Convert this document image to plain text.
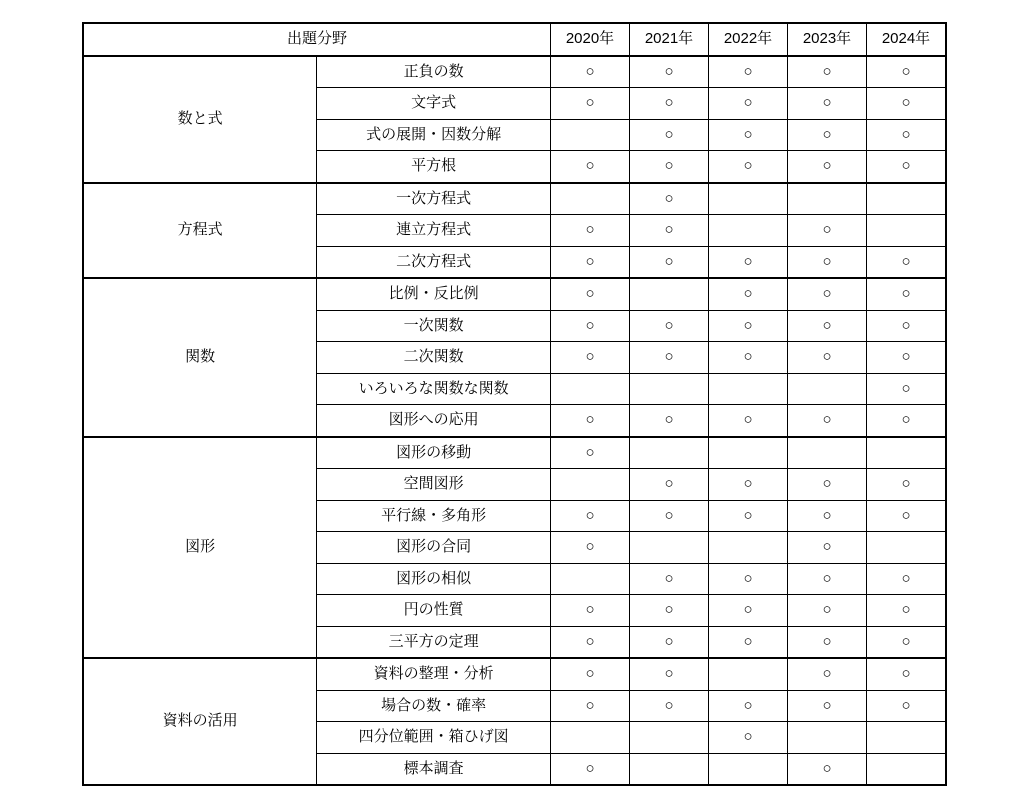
出題分野		2020年	2021年	2022年	2023年	2024年
数と式	正負の数	○	○	○	○	○
	文字式	○	○	○	○	○
	式の展開・因数分解		○	○	○	○
	平方根	○	○	○	○	○
方程式	一次方程式		○			
	連立方程式	○	○		○	
	二次方程式	○	○	○	○	○
関数	比例・反比例	○		○	○	○
	一次関数	○	○	○	○	○
	二次関数	○	○	○	○	○
	いろいろな関数な関数					○
	図形への応用	○	○	○	○	○
図形	図形の移動	○				
	空間図形		○	○	○	○
	平行線・多角形	○	○	○	○	○
	図形の合同	○			○	
	図形の相似		○	○	○	○
	円の性質	○	○	○	○	○
	三平方の定理	○	○	○	○	○
資料の活用	資料の整理・分析	○	○		○	○
	場合の数・確率	○	○	○	○	○
	四分位範囲・箱ひげ図			○		
	標本調査	○			○	
